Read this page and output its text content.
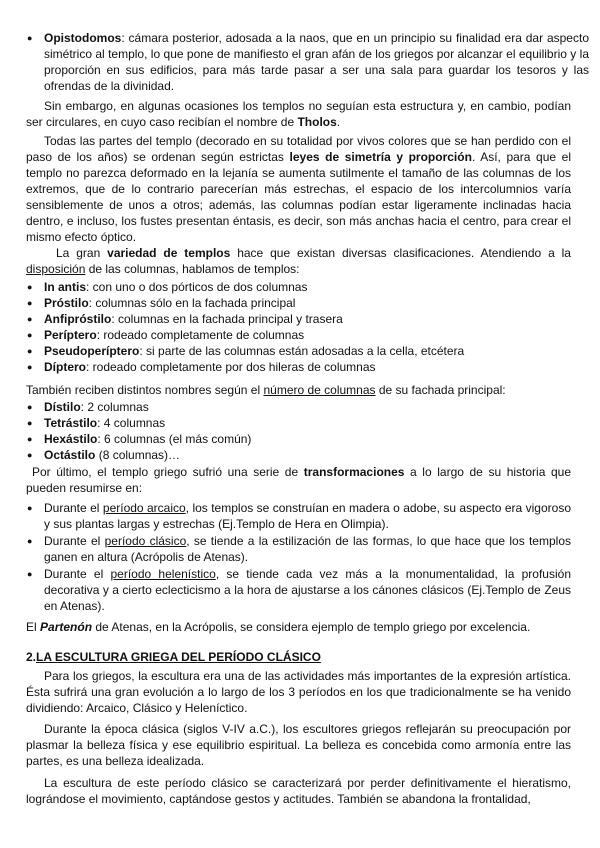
● Opistodomos: cámara posterior, adosada a la naos, que en un principio su finalidad era dar aspecto simétrico al templo, lo que pone de manifiesto el gran afán de los griegos por alcanzar el equilibrio y la proporción en sus edificios, para más tarde pasar a ser una sala para guardar los tesoros y las ofrendas de la divinidad.

Sin embargo, en algunas ocasiones los templos no seguían esta estructura y, en cambio, podían ser circulares, en cuyo caso recibían el nombre de Tholos.

Todas las partes del templo (decorado en su totalidad por vivos colores que se han perdido con el paso de los años) se ordenan según estrictas leyes de simetría y proporción. Así, para que el templo no parezca deformado en la lejanía se aumenta sutilmente el tamaño de las columnas de los extremos, que de lo contrario parecerían más estrechas, el espacio de los intercolumnios varía sensiblemente de unos a otros; además, las columnas podían estar ligeramente inclinadas hacia dentro, e incluso, los fustes presentan éntasis, es decir, son más anchas hacia el centro, para crear el mismo efecto óptico.

La gran variedad de templos hace que existan diversas clasificaciones. Atendiendo a la disposición de las columnas, hablamos de templos:

● In antis: con uno o dos pórticos de dos columnas
● Próstilo: columnas sólo en la fachada principal
● Anfipróstilo: columnas en la fachada principal y trasera
● Períptero: rodeado completamente de columnas
● Pseudoperíptero: si parte de las columnas están adosadas a la cella, etcétera
● Díptero: rodeado completamente por dos hileras de columnas

También reciben distintos nombres según el número de columnas de su fachada principal:

● Dístilo: 2 columnas
● Tetrástilo: 4 columnas
● Hexástilo: 6 columnas (el más común)
● Octástilo (8 columnas)…

Por último, el templo griego sufrió una serie de transformaciones a lo largo de su historia que pueden resumirse en:

● Durante el período arcaico, los templos se construían en madera o adobe, su aspecto era vigoroso y sus plantas largas y estrechas (Ej.Templo de Hera en Olimpia).
● Durante el período clásico, se tiende a la estilización de las formas, lo que hace que los templos ganen en altura (Acrópolis de Atenas).
● Durante el período helenístico, se tiende cada vez más a la monumentalidad, la profusión decorativa y a cierto eclecticismo a la hora de ajustarse a los cánones clásicos (Ej.Templo de Zeus en Atenas).

El Partenón de Atenas, en la Acrópolis, se considera ejemplo de templo griego por excelencia.

2.LA ESCULTURA GRIEGA DEL PERÍODO CLÁSICO

Para los griegos, la escultura era una de las actividades más importantes de la expresión artística. Ésta sufrirá una gran evolución a lo largo de los 3 períodos en los que tradicionalmente se ha venido dividiendo: Arcaico, Clásico y Heleníctico.

Durante la época clásica (siglos V-IV a.C.), los escultores griegos reflejarán su preocupación por plasmar la belleza física y ese equilibrio espiritual. La belleza es concebida como armonía entre las partes, es una belleza idealizada.

La escultura de este período clásico se caracterizará por perder definitivamente el hieratismo, lográndose el movimiento, captándose gestos y actitudes. También se abandona la frontalidad,
